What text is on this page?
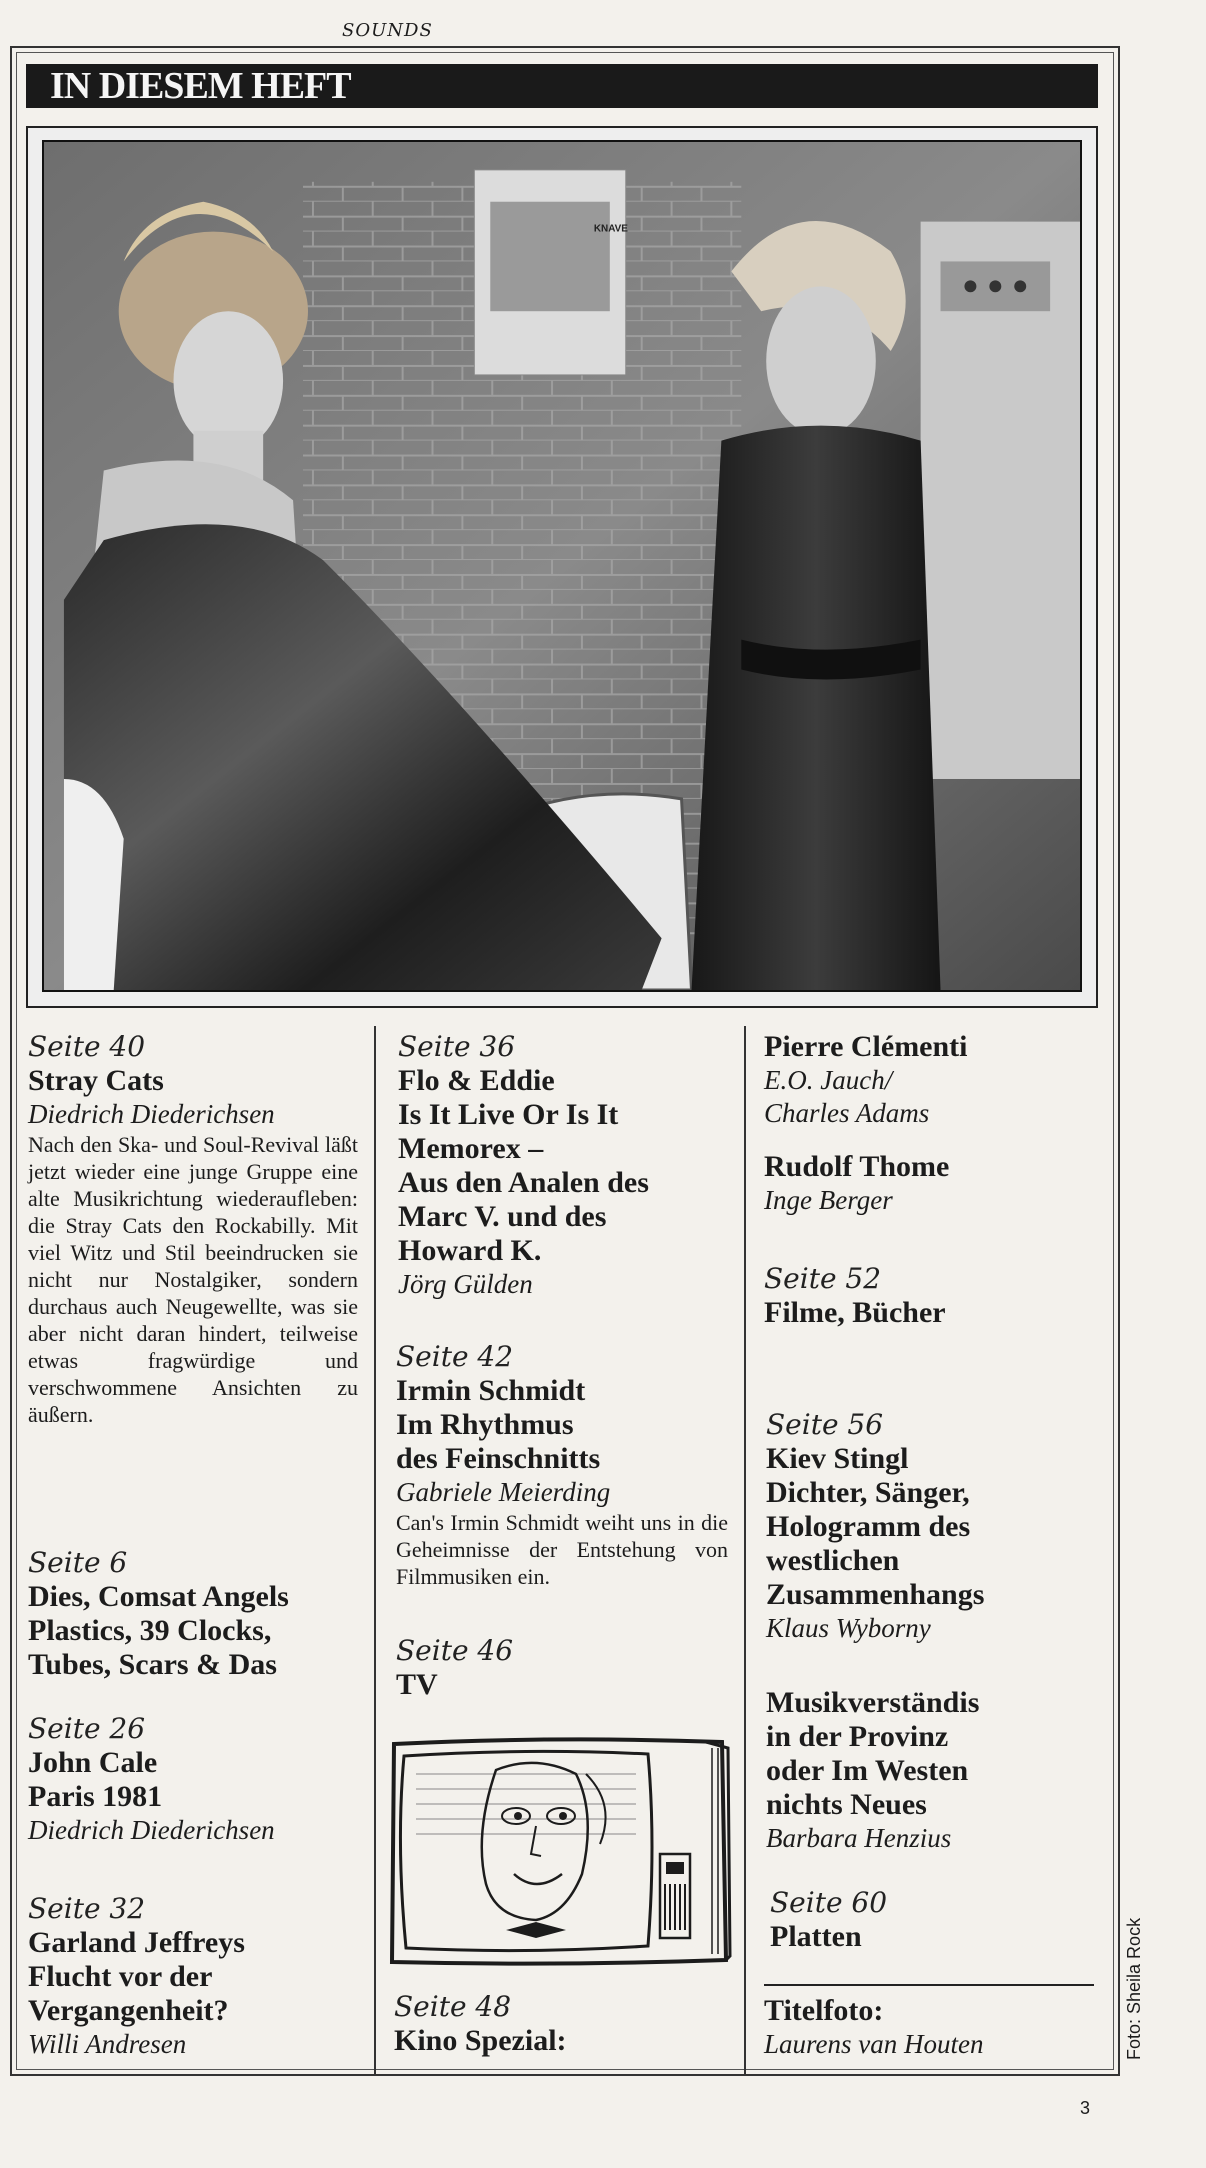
SOUNDS
IN DIESEM HEFT
KNAVE
Seite 40
Stray Cats
Diedrich Diederichsen
Nach den Ska- und Soul-Revival läßt jetzt wieder eine junge Gruppe eine alte Musikrichtung wiederaufleben: die Stray Cats den Rockabilly. Mit viel Witz und Stil beeindrucken sie nicht nur Nostalgiker, sondern durchaus auch Neugewellte, was sie aber nicht daran hindert, teilweise etwas fragwürdige und verschwommene Ansichten zu äußern.
Seite 6
Dies, Comsat Angels
Plastics, 39 Clocks,
Tubes, Scars & Das
Seite 26
John Cale
Paris 1981
Diedrich Diederichsen
Seite 32
Garland Jeffreys
Flucht vor der
Vergangenheit?
Willi Andresen
Seite 36
Flo & Eddie
Is It Live Or Is It
Memorex –
Aus den Analen des
Marc V. und des
Howard K.
Jörg Gülden
Seite 42
Irmin Schmidt
Im Rhythmus
des Feinschnitts
Gabriele Meierding
Can's Irmin Schmidt weiht uns in die Geheimnisse der Entstehung von Filmmusiken ein.
Seite 46
TV
Seite 48
Kino Spezial:
Pierre Clémenti
E.O. Jauch/
Charles Adams
Rudolf Thome
Inge Berger
Seite 52
Filme, Bücher
Seite 56
Kiev Stingl
Dichter, Sänger,
Hologramm des
westlichen
Zusammenhangs
Klaus Wyborny
Musikverständis
in der Provinz
oder Im Westen
nichts Neues
Barbara Henzius
Seite 60
Platten
Titelfoto:
Laurens van Houten	Foto: Sheila Rock
3
